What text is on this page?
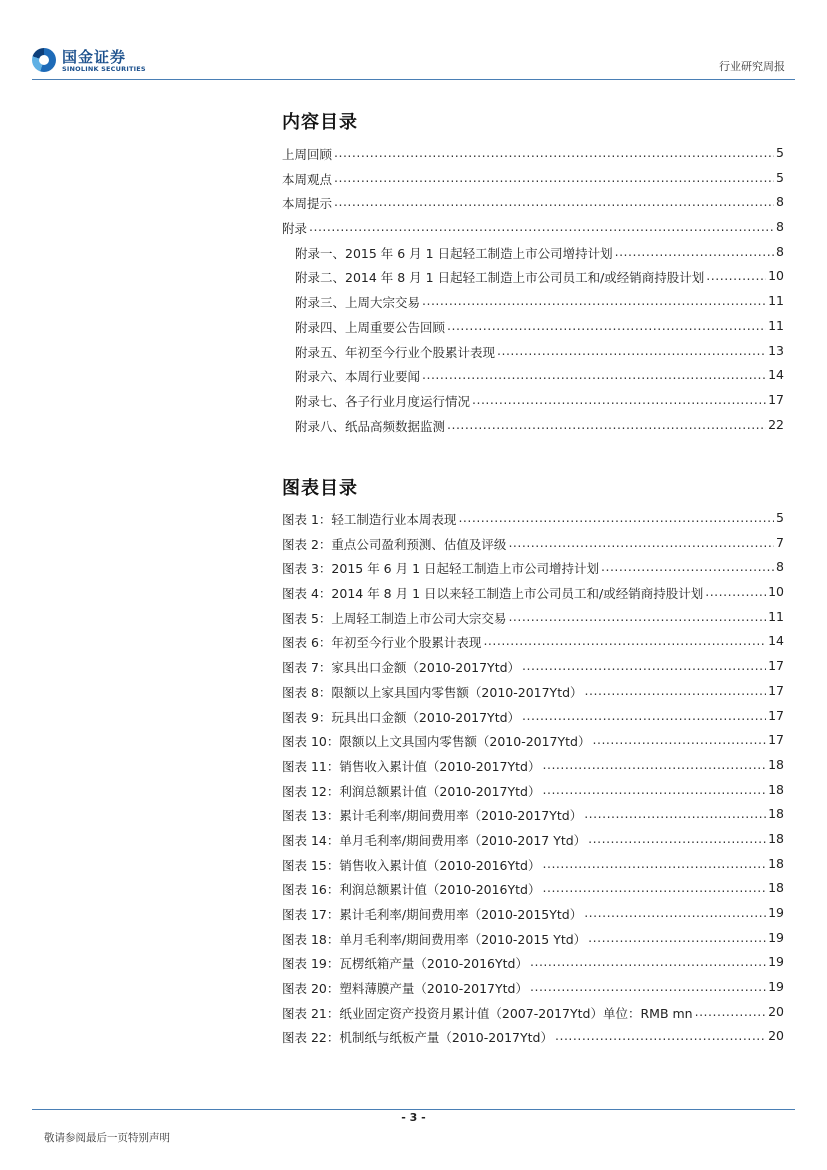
国金证券
SINOLINK SECURITIES	行业研究周报
内容目录
上周回顾 .....	5
本周观点 .....	5
本周提示 .....	8
附录 .....	8
附录一、2015 年 6 月 1 日起轻工制造上市公司增持计划 .....	8
附录二、2014 年 8 月 1 日起轻工制造上市公司员工和/或经销商持股计划 .....	10
附录三、上周大宗交易 .....	11
附录四、上周重要公告回顾 .....	11
附录五、年初至今行业个股累计表现 .....	13
附录六、本周行业要闻 .....	14
附录七、各子行业月度运行情况 .....	17
附录八、纸品高频数据监测 .....	22
图表目录
图表 1：轻工制造行业本周表现 .....	5
图表 2：重点公司盈利预测、估值及评级 .....	7
图表 3：2015 年 6 月 1 日起轻工制造上市公司增持计划 .....	8
图表 4：2014 年 8 月 1 日以来轻工制造上市公司员工和/或经销商持股计划 .....	10
图表 5：上周轻工制造上市公司大宗交易 .....	11
图表 6：年初至今行业个股累计表现 .....	14
图表 7：家具出口金额（2010-2017Ytd） .....	17
图表 8：限额以上家具国内零售额（2010-2017Ytd） .....	17
图表 9：玩具出口金额（2010-2017Ytd） .....	17
图表 10：限额以上文具国内零售额（2010-2017Ytd） .....	17
图表 11：销售收入累计值（2010-2017Ytd） .....	18
图表 12：利润总额累计值（2010-2017Ytd） .....	18
图表 13：累计毛利率/期间费用率（2010-2017Ytd） .....	18
图表 14：单月毛利率/期间费用率（2010-2017 Ytd） .....	18
图表 15：销售收入累计值（2010-2016Ytd） .....	18
图表 16：利润总额累计值（2010-2016Ytd） .....	18
图表 17：累计毛利率/期间费用率（2010-2015Ytd） .....	19
图表 18：单月毛利率/期间费用率（2010-2015 Ytd） .....	19
图表 19：瓦楞纸箱产量（2010-2016Ytd） .....	19
图表 20：塑料薄膜产量（2010-2017Ytd） .....	19
图表 21：纸业固定资产投资月累计值（2007-2017Ytd）单位：RMB mn .....	20
图表 22：机制纸与纸板产量（2010-2017Ytd） .....	20
- 3 -
敬请参阅最后一页特别声明
